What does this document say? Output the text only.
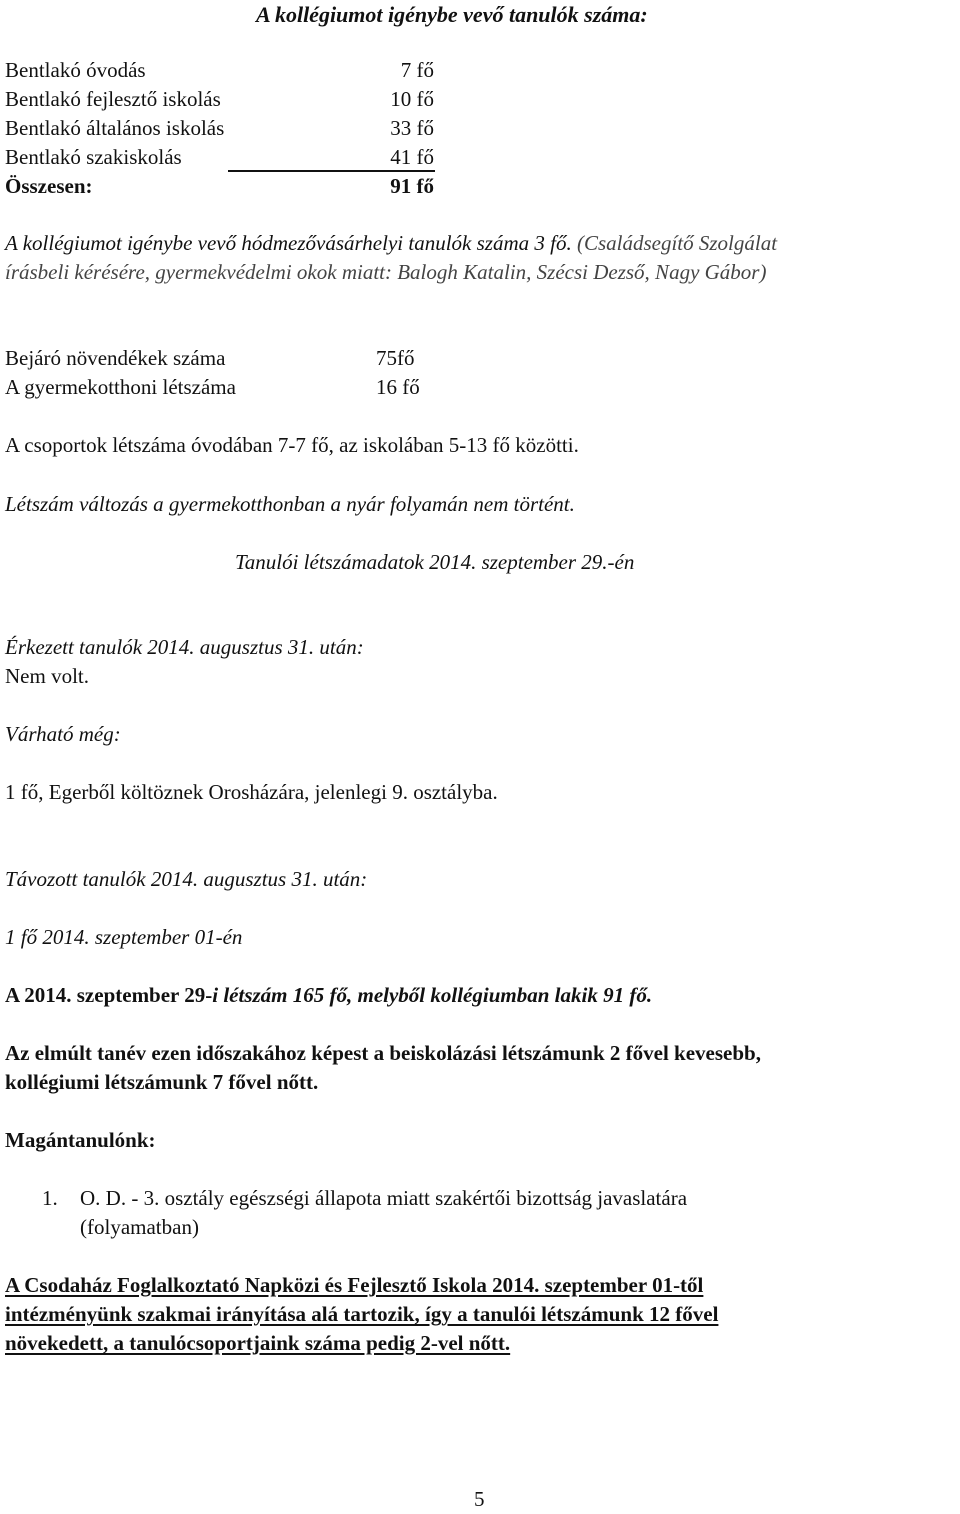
A kollégiumot igénybe vevő tanulók száma:
Bentlakó óvodás	7 fő
Bentlakó fejlesztő iskolás	10 fő
Bentlakó általános iskolás	33 fő
Bentlakó szakiskolás	41 fő
Összesen:	91 fő
A kollégiumot igénybe vevő hódmezővásárhelyi tanulók száma 3 fő. (Családsegítő Szolgálat
írásbeli kérésére, gyermekvédelmi okok miatt: Balogh Katalin, Szécsi Dezső, Nagy Gábor)
Bejáró növendékek száma	75fő
A gyermekotthoni létszáma	16 fő
A csoportok létszáma óvodában 7-7 fő, az iskolában 5-13 fő közötti.
Létszám változás a gyermekotthonban a nyár folyamán nem történt.
Tanulói létszámadatok 2014. szeptember 29.-én
Érkezett tanulók 2014. augusztus 31. után:
Nem volt.
Várható még:
1 fő, Egerből költöznek Orosházára, jelenlegi 9. osztályba.
Távozott tanulók 2014. augusztus 31. után:
1 fő 2014. szeptember 01-én
A 2014. szeptember 29-i létszám 165 fő, melyből kollégiumban lakik 91 fő.
Az elmúlt tanév ezen időszakához képest a beiskolázási létszámunk 2 fővel kevesebb,
kollégiumi létszámunk 7 fővel nőtt.
Magántanulónk:
1. O. D. - 3. osztály egészségi állapota miatt szakértői bizottság javaslatára
(folyamatban)
A Csodaház Foglalkoztató Napközi és Fejlesztő Iskola 2014. szeptember 01-től
intézményünk szakmai irányítása alá tartozik, így a tanulói létszámunk 12 fővel
növekedett, a tanulócsoportjaink száma pedig 2-vel nőtt.
5
